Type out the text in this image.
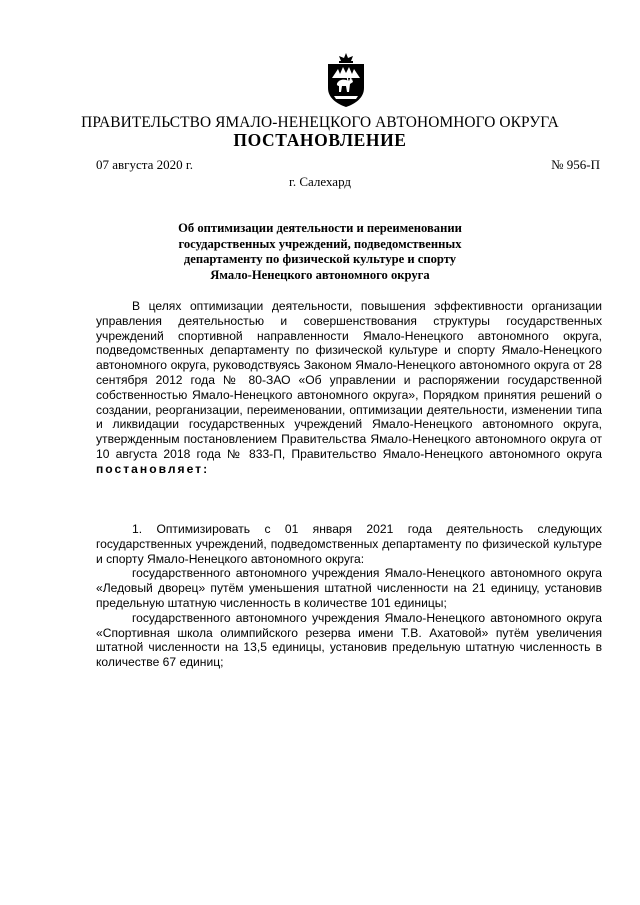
ПРАВИТЕЛЬСТВО ЯМАЛО-НЕНЕЦКОГО АВТОНОМНОГО ОКРУГА
ПОСТАНОВЛЕНИЕ
07 августа 2020 г.	№ 956-П
г. Салехард
Об оптимизации деятельности и переименовании
государственных учреждений, подведомственных
департаменту по физической культуре и спорту
Ямало-Ненецкого автономного округа

В целях оптимизации деятельности, повышения эффективности организации управления деятельностью и совершенствования структуры государственных учреждений спортивной направленности Ямало-Ненецкого автономного округа, подведомственных департаменту по физической культуре и спорту Ямало-Ненецкого автономного округа, руководствуясь Законом Ямало-Ненецкого автономного округа от 28 сентября 2012 года № 80-ЗАО «Об управлении и распоряжении государственной собственностью Ямало-Ненецкого автономного округа», Порядком принятия решений о создании, реорганизации, переименовании, оптимизации деятельности, изменении типа и ликвидации государственных учреждений Ямало-Ненецкого автономного округа, утвержденным постановлением Правительства Ямало-Ненецкого автономного округа от 10 августа 2018 года № 833-П, Правительство Ямало-Ненецкого автономного округа постановляет:

1. Оптимизировать с 01 января 2021 года деятельность следующих государственных учреждений, подведомственных департаменту по физической культуре и спорту Ямало-Ненецкого автономного округа:

государственного автономного учреждения Ямало-Ненецкого автономного округа «Ледовый дворец» путём уменьшения штатной численности на 21 единицу, установив предельную штатную численность в количестве 101 единицы;

государственного автономного учреждения Ямало-Ненецкого автономного округа «Спортивная школа олимпийского резерва имени Т.В. Ахатовой» путём увеличения штатной численности на 13,5 единицы, установив предельную штатную численность в количестве 67 единиц;
